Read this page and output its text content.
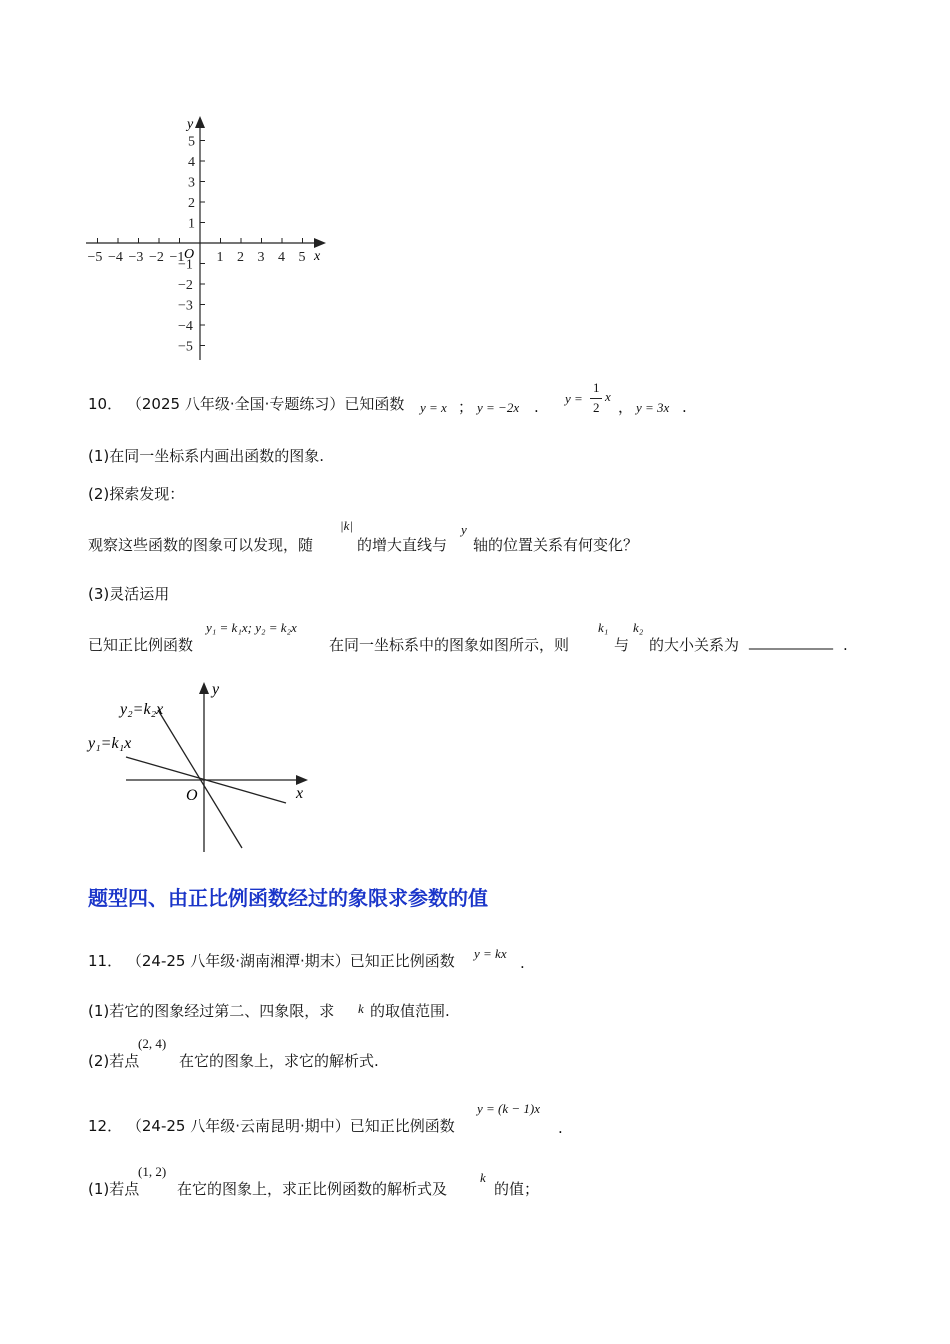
−5 −4 −3 −2 −1 1 2 3 4 5
5
4
3
2
1
−1
−2
−3
−4
−5
x
y
O
10． （2025 八年级·全国·专题练习）已知函数 y = x ； y = −2x . y =
1
2
x
， y = 3x .
(1)在同一坐标系内画出函数的图象.
(2)探索发现：
观察这些函数的图象可以发现，随
|k|
的增大直线与
y
轴的位置关系有何变化？
(3)灵活运用
已知正比例函数
y₁ = k₁x; y₂ = k₂x
在同一坐标系中的图象如图所示，则
k₁
与
k₂
的大小关系为 ____________ .
y₂=k₂x
y₁=k₁x
y
x
O
题型四、由正比例函数经过的象限求参数的值
11． （24-25 八年级·湖南湘潭·期末）已知正比例函数 y = kx
.
(1)若它的图象经过第二、四象限，求 k 的取值范围.
(2)若点
(2, 4)
在它的图象上，求它的解析式.
12． （24-25 八年级·云南昆明·期中）已知正比例函数
y = (k − 1)x
.
(1)若点
(1, 2)
在它的图象上，求正比例函数的解析式及
k
的值；
